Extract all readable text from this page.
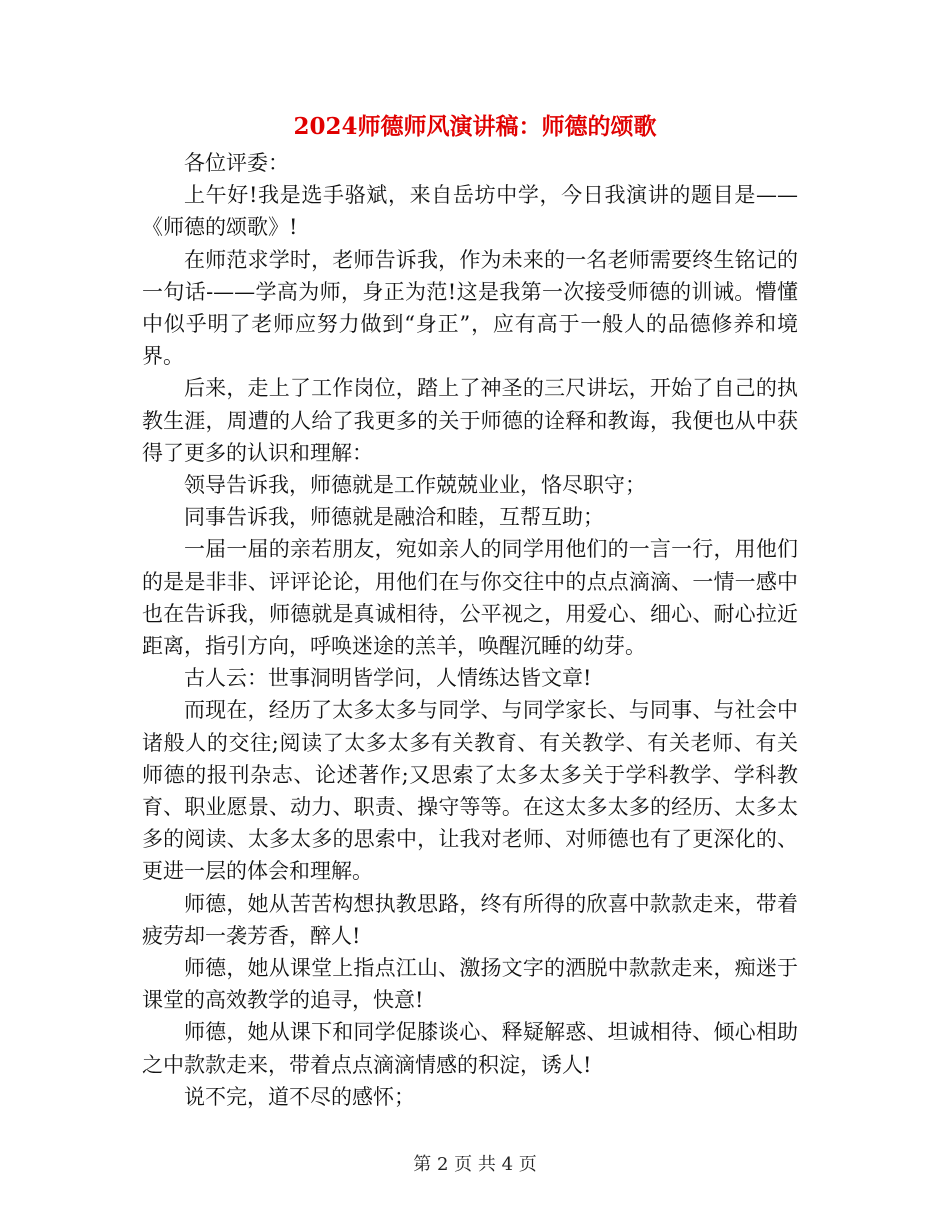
2024师德师风演讲稿：师德的颂歌

各位评委：

上午好!我是选手骆斌，来自岳坊中学，今日我演讲的题目是——《师德的颂歌》!

在师范求学时，老师告诉我，作为未来的一名老师需要终生铭记的一句话-——学高为师，身正为范!这是我第一次接受师德的训诫。懵懂中似乎明了老师应努力做到“身正”，应有高于一般人的品德修养和境界。

后来，走上了工作岗位，踏上了神圣的三尺讲坛，开始了自己的执教生涯，周遭的人给了我更多的关于师德的诠释和教诲，我便也从中获得了更多的认识和理解：

领导告诉我，师德就是工作兢兢业业，恪尽职守；

同事告诉我，师德就是融洽和睦，互帮互助；

一届一届的亲若朋友，宛如亲人的同学用他们的一言一行，用他们的是是非非、评评论论，用他们在与你交往中的点点滴滴、一情一感中也在告诉我，师德就是真诚相待，公平视之，用爱心、细心、耐心拉近距离，指引方向，呼唤迷途的羔羊，唤醒沉睡的幼芽。

古人云：世事洞明皆学问，人情练达皆文章!

而现在，经历了太多太多与同学、与同学家长、与同事、与社会中诸般人的交往;阅读了太多太多有关教育、有关教学、有关老师、有关师德的报刊杂志、论述著作;又思索了太多太多关于学科教学、学科教育、职业愿景、动力、职责、操守等等。在这太多太多的经历、太多太多的阅读、太多太多的思索中，让我对老师、对师德也有了更深化的、更进一层的体会和理解。

师德，她从苦苦构想执教思路，终有所得的欣喜中款款走来，带着疲劳却一袭芳香，醉人!

师德，她从课堂上指点江山、激扬文字的洒脱中款款走来，痴迷于课堂的高效教学的追寻，快意!

师德，她从课下和同学促膝谈心、释疑解惑、坦诚相待、倾心相助之中款款走来，带着点点滴滴情感的积淀，诱人!

说不完，道不尽的感怀；

第 2 页 共 4 页
